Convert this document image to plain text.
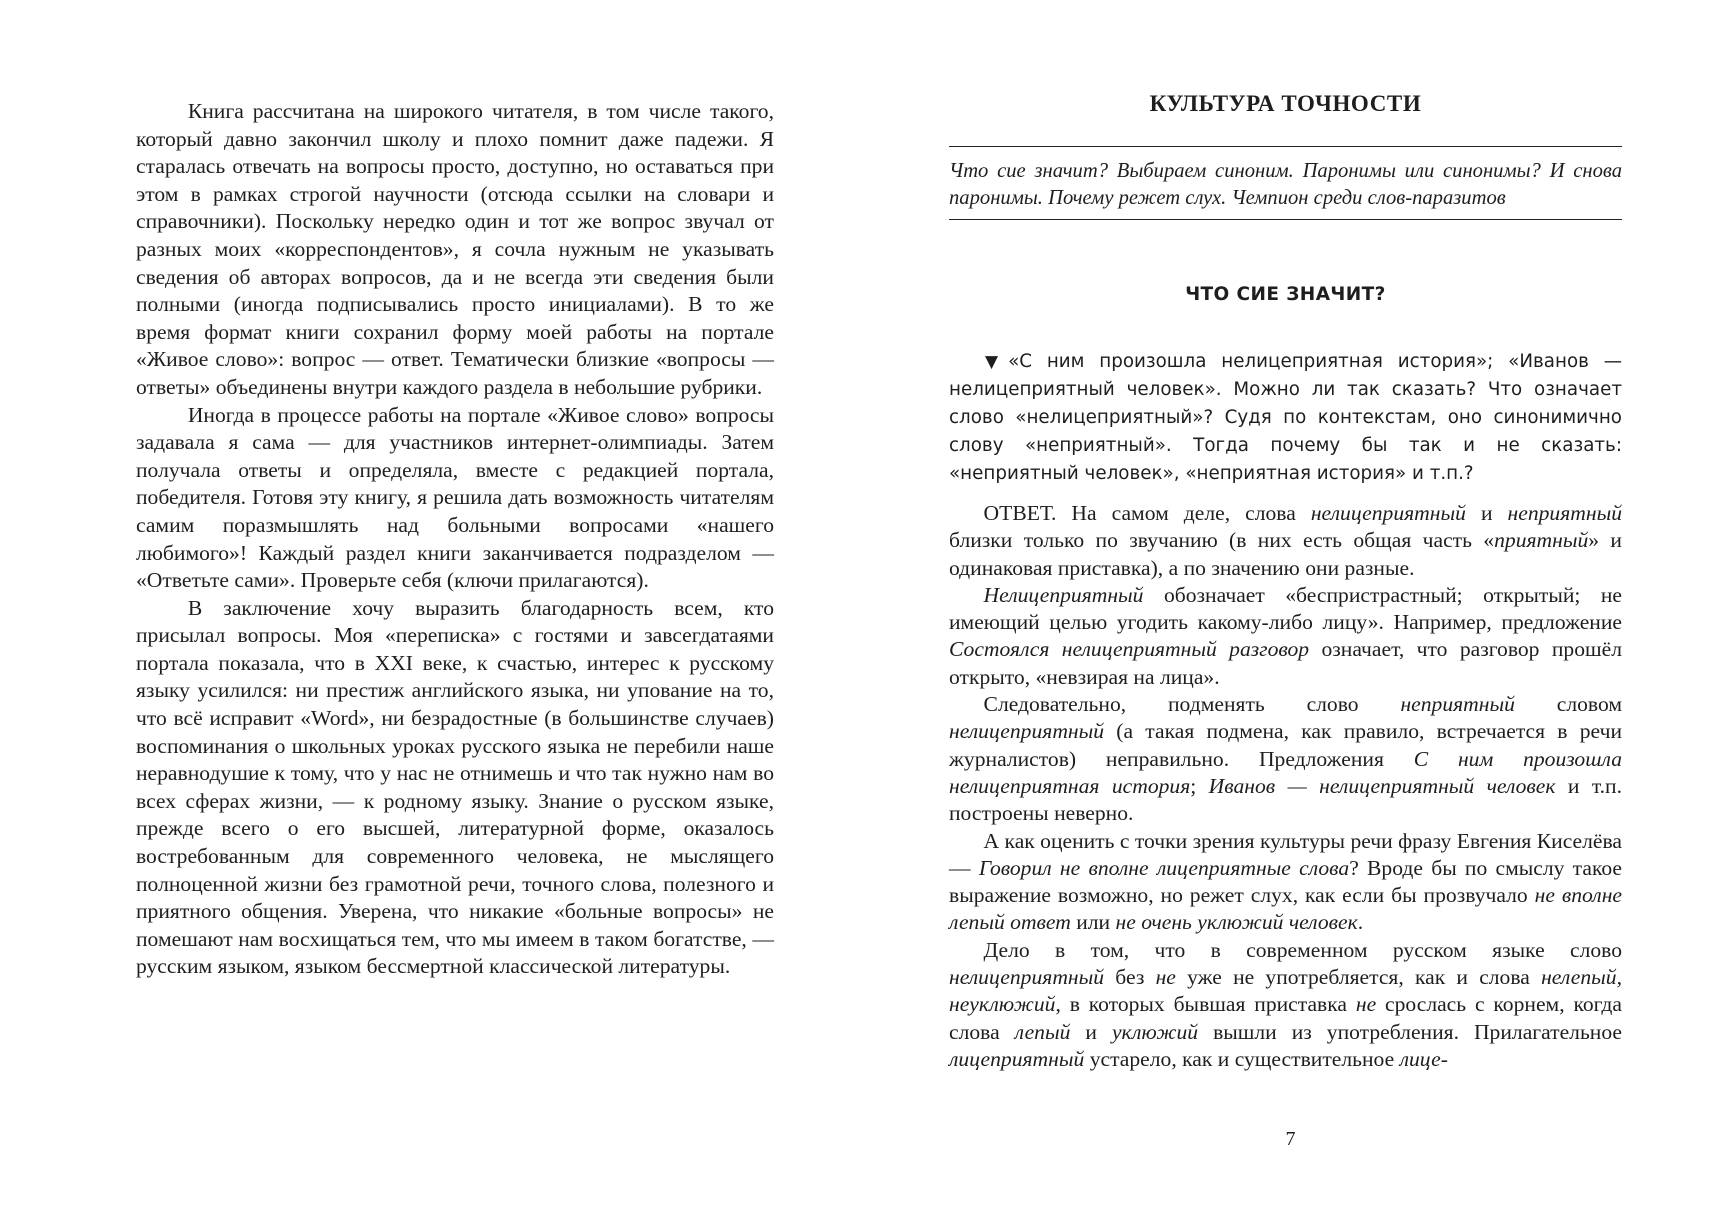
Книга рассчитана на широкого читателя, в том числе такого, который давно закончил школу и плохо помнит даже падежи. Я старалась отвечать на вопросы просто, доступно, но оставаться при этом в рамках строгой научности (отсюда ссылки на словари и справочники). Поскольку нередко один и тот же вопрос звучал от разных моих «корреспондентов», я сочла нужным не указывать сведения об авторах вопросов, да и не всегда эти сведения были полными (иногда подписывались просто инициалами). В то же время формат книги сохранил форму моей работы на портале «Живое слово»: вопрос — ответ. Тематически близкие «вопросы — ответы» объединены внутри каждого раздела в небольшие рубрики.

Иногда в процессе работы на портале «Живое слово» вопросы задавала я сама — для участников интернет-олимпиады. Затем получала ответы и определяла, вместе с редакцией портала, победителя. Готовя эту книгу, я решила дать возможность читателям самим поразмышлять над больными вопросами «нашего любимого»! Каждый раздел книги заканчивается подразделом — «Ответьте сами». Проверьте себя (ключи прилагаются).

В заключение хочу выразить благодарность всем, кто присылал вопросы. Моя «переписка» с гостями и завсегдатаями портала показала, что в XXI веке, к счастью, интерес к русскому языку усилился: ни престиж английского языка, ни упование на то, что всё исправит «Word», ни безрадостные (в большинстве случаев) воспоминания о школьных уроках русского языка не перебили наше неравнодушие к тому, что у нас не отнимешь и что так нужно нам во всех сферах жизни, — к родному языку. Знание о русском языке, прежде всего о его высшей, литературной форме, оказалось востребованным для современного человека, не мыслящего полноценной жизни без грамотной речи, точного слова, полезного и приятного общения. Уверена, что никакие «больные вопросы» не помешают нам восхищаться тем, что мы имеем в таком богатстве, — русским языком, языком бессмертной классической литературы.

КУЛЬТУРА ТОЧНОСТИ
Что сие значит? Выбираем синоним. Паронимы или синонимы? И снова паронимы. Почему режет слух. Чемпион среди слов-паразитов
ЧТО СИЕ ЗНАЧИТ?
▼ «С ним произошла нелицеприятная история»; «Иванов — нелицеприятный человек». Можно ли так сказать? Что означает слово «нелицеприятный»? Судя по контекстам, оно синонимично слову «неприятный». Тогда почему бы так и не сказать: «неприятный человек», «неприятная история» и т.п.?

ОТВЕТ. На самом деле, слова нелицеприятный и неприятный близки только по звучанию (в них есть общая часть «приятный» и одинаковая приставка), а по значению они разные.

Нелицеприятный обозначает «беспристрастный; открытый; не имеющий целью угодить какому-либо лицу». Например, предложение Состоялся нелицеприятный разговор означает, что разговор прошёл открыто, «невзирая на лица».

Следовательно, подменять слово неприятный словом нелицеприятный (а такая подмена, как правило, встречается в речи журналистов) неправильно. Предложения С ним произошла нелицеприятная история; Иванов — нелицеприятный человек и т.п. построены неверно.

А как оценить с точки зрения культуры речи фразу Евгения Киселёва — Говорил не вполне лицеприятные слова? Вроде бы по смыслу такое выражение возможно, но режет слух, как если бы прозвучало не вполне лепый ответ или не очень уклюжий человек.

Дело в том, что в современном русском языке слово нелицеприятный без не уже не употребляется, как и слова нелепый, неуклюжий, в которых бывшая приставка не срослась с корнем, когда слова лепый и уклюжий вышли из употребления. Прилагательное лицеприятный устарело, как и существительное лице-

7
